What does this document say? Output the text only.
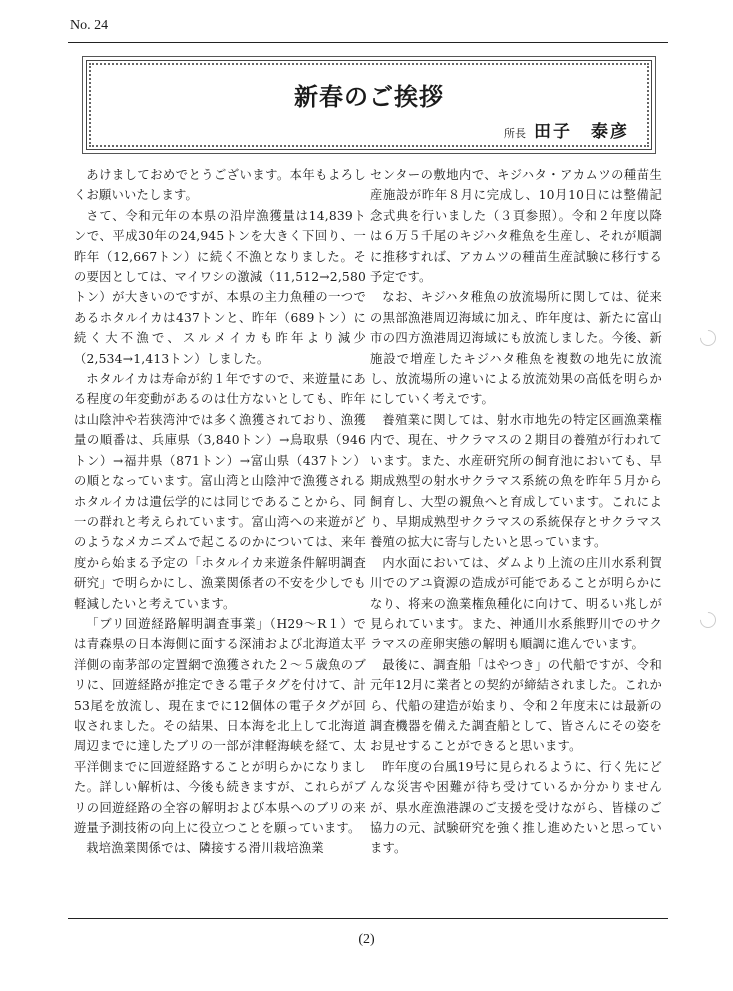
No. 24
新春のご挨拶
所長 田子　泰彦

あけましておめでとうございます。本年もよろしくお願いいたします。

さて、令和元年の本県の沿岸漁獲量は14,839トンで、平成30年の24,945トンを大きく下回り、一昨年（12,667トン）に続く不漁となりました。その要因としては、マイワシの激減（11,512→2,580トン）が大きいのですが、本県の主力魚種の一つであるホタルイカは437トンと、昨年（689トン）に続く大不漁で、スルメイカも昨年より減少（2,534→1,413トン）しました。

ホタルイカは寿命が約１年ですので、来遊量にある程度の年変動があるのは仕方ないとしても、昨年は山陰沖や若狭湾沖では多く漁獲されており、漁獲量の順番は、兵庫県（3,840トン）→鳥取県（946トン）→福井県（871トン）→富山県（437トン）の順となっています。富山湾と山陰沖で漁獲されるホタルイカは遺伝学的には同じであることから、同一の群れと考えられています。富山湾への来遊がどのようなメカニズムで起こるのかについては、来年度から始まる予定の「ホタルイカ来遊条件解明調査研究」で明らかにし、漁業関係者の不安を少しでも軽減したいと考えています。

「ブリ回遊経路解明調査事業」（H29～R１）では青森県の日本海側に面する深浦および北海道太平洋側の南茅部の定置網で漁獲された２～５歳魚のブリに、回遊経路が推定できる電子タグを付けて、計53尾を放流し、現在までに12個体の電子タグが回収されました。その結果、日本海を北上して北海道周辺までに達したブリの一部が津軽海峡を経て、太平洋側までに回遊経路することが明らかになりました。詳しい解析は、今後も続きますが、これらがブリの回遊経路の全容の解明および本県へのブリの来遊量予測技術の向上に役立つことを願っています。

栽培漁業関係では、隣接する滑川栽培漁業

センターの敷地内で、キジハタ・アカムツの種苗生産施設が昨年８月に完成し、10月10日には整備記念式典を行いました（３頁参照）。令和２年度以降は６万５千尾のキジハタ稚魚を生産し、それが順調に推移すれば、アカムツの種苗生産試験に移行する予定です。

なお、キジハタ稚魚の放流場所に関しては、従来の黒部漁港周辺海域に加え、昨年度は、新たに富山市の四方漁港周辺海域にも放流しました。今後、新施設で増産したキジハタ稚魚を複数の地先に放流し、放流場所の違いによる放流効果の高低を明らかにしていく考えです。

養殖業に関しては、射水市地先の特定区画漁業権内で、現在、サクラマスの２期目の養殖が行われています。また、水産研究所の飼育池においても、早期成熟型の射水サクラマス系統の魚を昨年５月から飼育し、大型の親魚へと育成しています。これにより、早期成熟型サクラマスの系統保存とサクラマス養殖の拡大に寄与したいと思っています。

内水面においては、ダムより上流の庄川水系利賀川でのアユ資源の造成が可能であることが明らかになり、将来の漁業権魚種化に向けて、明るい兆しが見られています。また、神通川水系熊野川でのサクラマスの産卵実態の解明も順調に進んでいます。

最後に、調査船「はやつき」の代船ですが、令和元年12月に業者との契約が締結されました。これから、代船の建造が始まり、令和２年度末には最新の調査機器を備えた調査船として、皆さんにその姿をお見せすることができると思います。

昨年度の台風19号に見られるように、行く先にどんな災害や困難が待ち受けているか分かりませんが、県水産漁港課のご支援を受けながら、皆様のご協力の元、試験研究を強く推し進めたいと思っています。

(2)
